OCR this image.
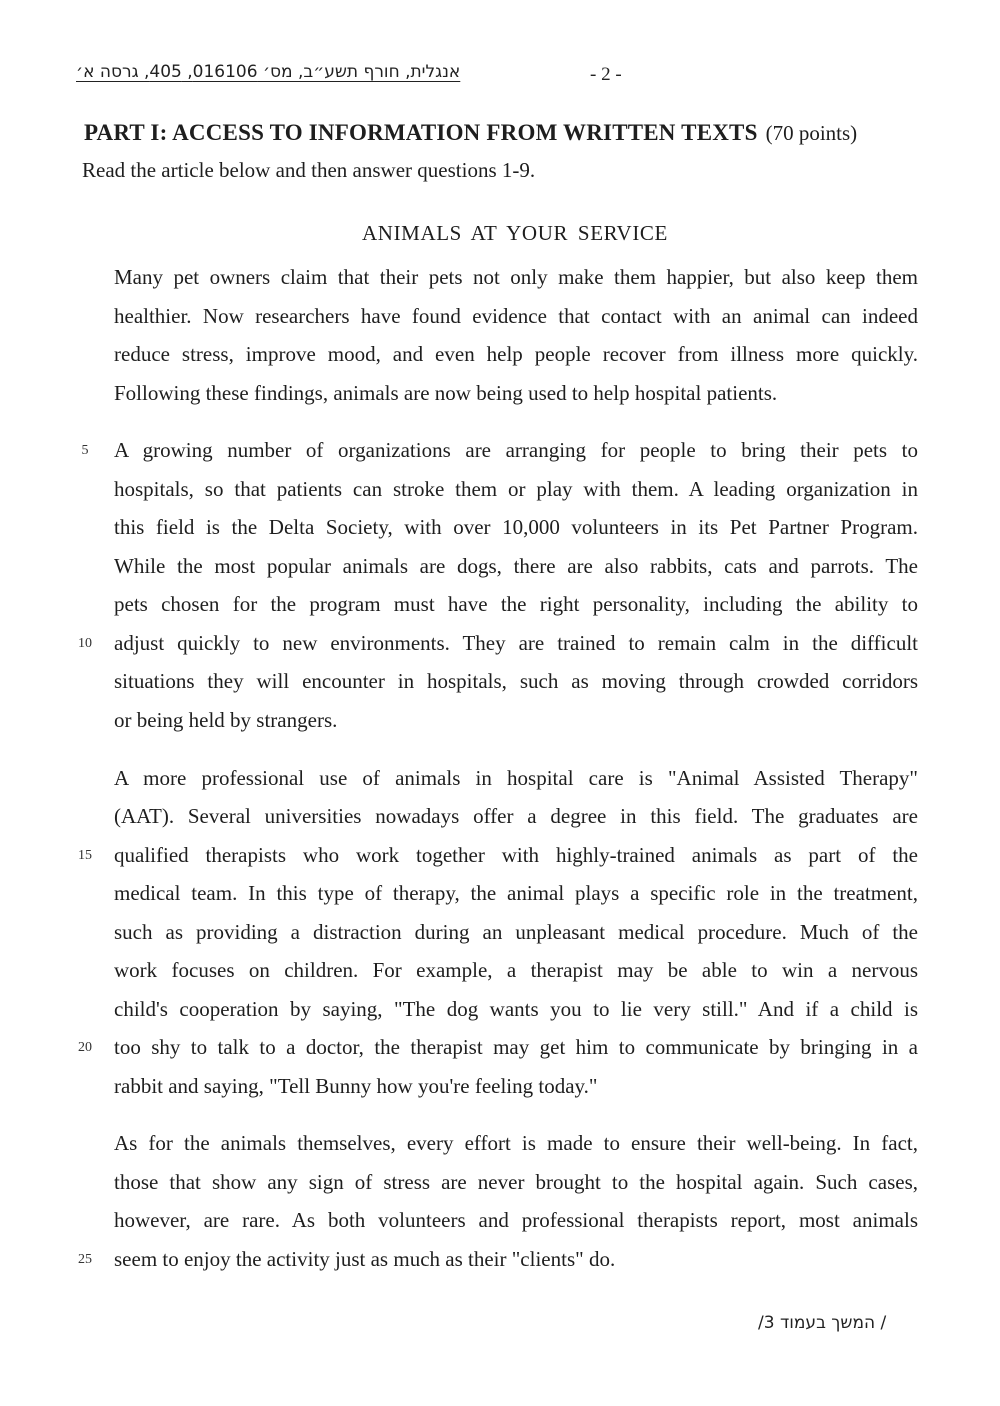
אנגלית, חורף תשע״ב, מס׳ 016106, 405, גרסה א׳	- 2 -
PART I: ACCESS TO INFORMATION FROM WRITTEN TEXTS (70 points)
Read the article below and then answer questions 1-9.
ANIMALS AT YOUR SERVICE
Many pet owners claim that their pets not only make them happier, but also keep them
healthier. Now researchers have found evidence that contact with an animal can indeed
reduce stress, improve mood, and even help people recover from illness more quickly.
Following these findings, animals are now being used to help hospital patients.
A growing number of organizations are arranging for people to bring their pets to
hospitals, so that patients can stroke them or play with them. A leading organization in
this field is the Delta Society, with over 10,000 volunteers in its Pet Partner Program.
While the most popular animals are dogs, there are also rabbits, cats and parrots. The
pets chosen for the program must have the right personality, including the ability to
adjust quickly to new environments. They are trained to remain calm in the difficult
situations they will encounter in hospitals, such as moving through crowded corridors
or being held by strangers.
A more professional use of animals in hospital care is "Animal Assisted Therapy"
(AAT). Several universities nowadays offer a degree in this field. The graduates are
qualified therapists who work together with highly-trained animals as part of the
medical team. In this type of therapy, the animal plays a specific role in the treatment,
such as providing a distraction during an unpleasant medical procedure. Much of the
work focuses on children. For example, a therapist may be able to win a nervous
child's cooperation by saying, "The dog wants you to lie very still." And if a child is
too shy to talk to a doctor, the therapist may get him to communicate by bringing in a
rabbit and saying, "Tell Bunny how you're feeling today."
As for the animals themselves, every effort is made to ensure their well-being. In fact,
those that show any sign of stress are never brought to the hospital again. Such cases,
however, are rare. As both volunteers and professional therapists report, most animals
seem to enjoy the activity just as much as their "clients" do.
5
10
15
20
25
/ המשך בעמוד 3/
